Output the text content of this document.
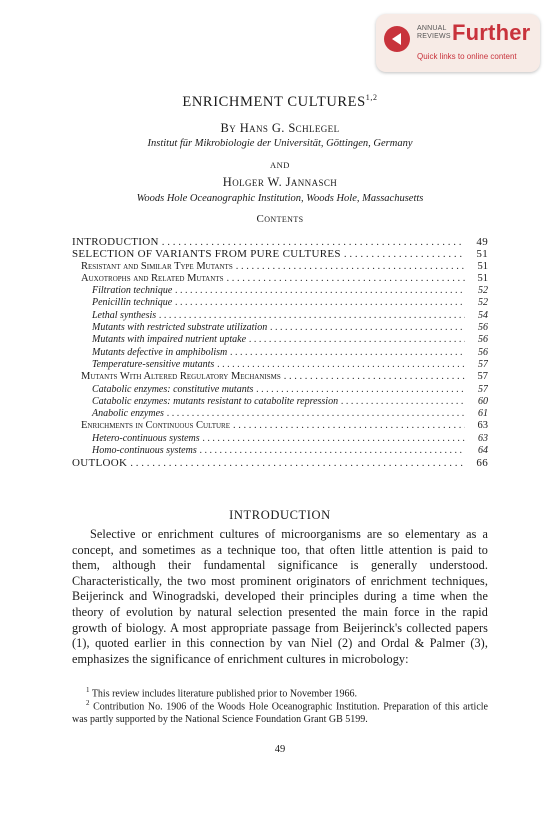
ANNUAL
REVIEWS Further
Quick links to online content
ENRICHMENT CULTURES$^{1,2}$
By Hans G. Schlegel
Institut für Mikrobiologie der Universität, Göttingen, Germany
AND
Holger W. Jannasch
Woods Hole Oceanographic Institution, Woods Hole, Massachusetts
Contents
INTRODUCTION . . .	49
SELECTION OF VARIANTS FROM PURE CULTURES . . .	51
Resistant and Similar Type Mutants . . .	51
Auxotrophs and Related Mutants . . .	51
Filtration technique . . .	52
Penicillin technique . . .	52
Lethal synthesis . . .	54
Mutants with restricted substrate utilization . . .	56
Mutants with impaired nutrient uptake . . .	56
Mutants defective in amphibolism . . .	56
Temperature-sensitive mutants . . .	57
Mutants With Altered Regulatory Mechanisms . . .	57
Catabolic enzymes: constitutive mutants . . .	57
Catabolic enzymes: mutants resistant to catabolite repression . . .	60
Anabolic enzymes . . .	61
Enrichments in Continuous Culture . . .	63
Hetero-continuous systems . . .	63
Homo-continuous systems . . .	64
OUTLOOK . . .	66
INTRODUCTION
Selective or enrichment cultures of microorganisms are so elementary as a concept, and sometimes as a technique too, that often little attention is paid to them, although their fundamental significance is generally understood. Characteristically, the two most prominent originators of enrichment techniques, Beijerinck and Winogradski, developed their principles during a time when the theory of evolution by natural selection presented the main force in the rapid growth of biology. A most appropriate passage from Beijerinck's collected papers (1), quoted earlier in this connection by van Niel (2) and Ordal & Palmer (3), emphasizes the significance of enrichment cultures in microbology:
$^1$ This review includes literature published prior to November 1966.
$^2$ Contribution No. 1906 of the Woods Hole Oceanographic Institution. Preparation of this article was partly supported by the National Science Foundation Grant GB 5199.
49
